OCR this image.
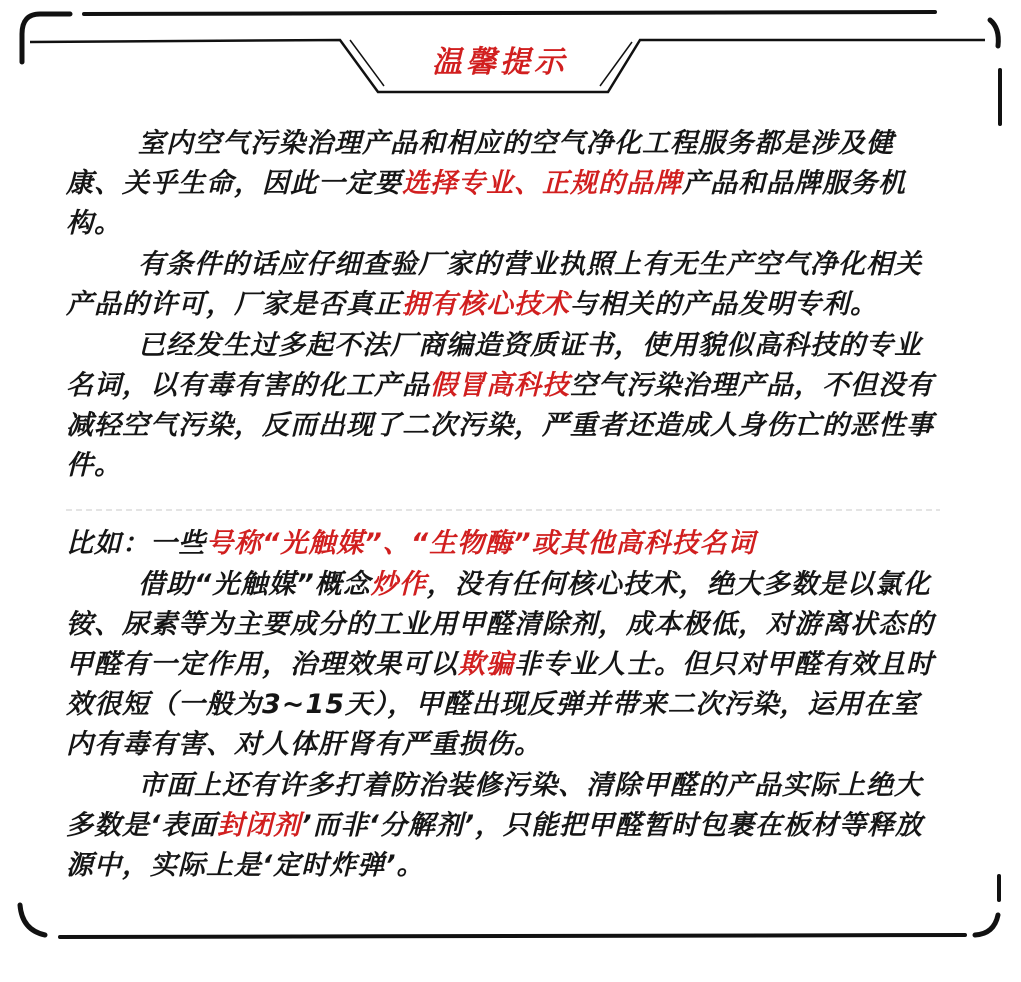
温馨提示

室内空气污染治理产品和相应的空气净化工程服务都是涉及健康、关乎生命，因此一定要选择专业、正规的品牌产品和品牌服务机构。

有条件的话应仔细查验厂家的营业执照上有无生产空气净化相关产品的许可，厂家是否真正拥有核心技术与相关的产品发明专利。

已经发生过多起不法厂商编造资质证书，使用貌似高科技的专业名词，以有毒有害的化工产品假冒高科技空气污染治理产品，不但没有减轻空气污染，反而出现了二次污染，严重者还造成人身伤亡的恶性事件。

比如：一些号称“光触媒”、“生物酶”或其他高科技名词

借助“光触媒”概念炒作，没有任何核心技术，绝大多数是以氯化铵、尿素等为主要成分的工业用甲醛清除剂，成本极低，对游离状态的甲醛有一定作用，治理效果可以欺骗非专业人士。但只对甲醛有效且时效很短（一般为3~15天），甲醛出现反弹并带来二次污染，运用在室内有毒有害、对人体肝肾有严重损伤。

市面上还有许多打着防治装修污染、清除甲醛的产品实际上绝大多数是‘表面封闭剂’而非‘分解剂’，只能把甲醛暂时包裹在板材等释放源中，实际上是‘定时炸弹’。
